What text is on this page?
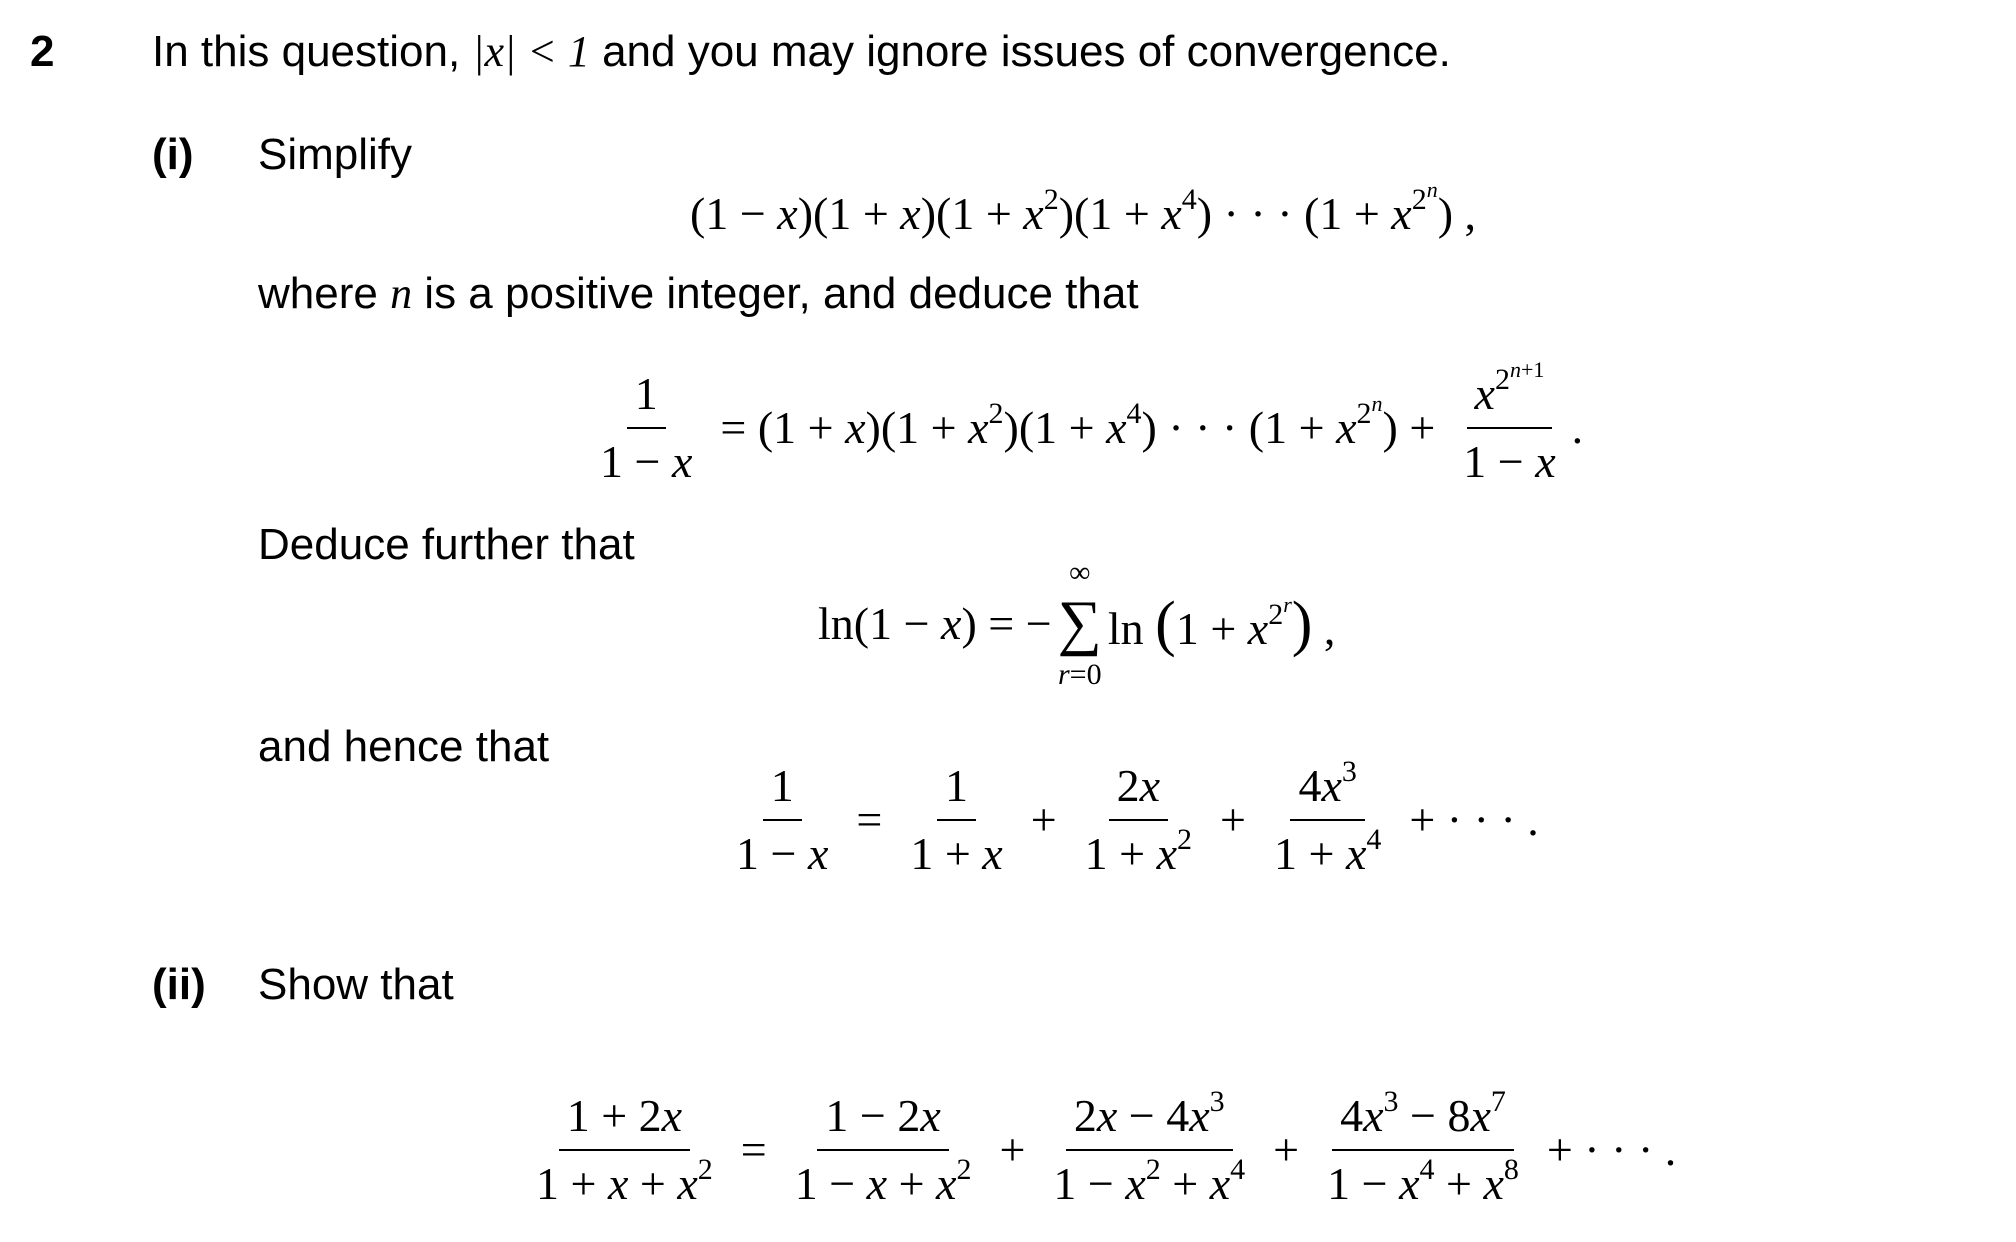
2 In this question, |x| < 1 and you may ignore issues of convergence.
(i) Simplify
$(1 - x)(1 + x)(1 + x^2)(1 + x^4)$ · · · $(1 + x^{2^n})$ ,
where n is a positive integer, and deduce that
$\frac{1}{1 - x} = (1 + x)(1 + x^2)(1 + x^4)$ · · · $(1 + x^{2^n}) + \frac{x^{2^{n+1}}}{1 - x}$ .
Deduce further that
ln(1 − x) = −
∞
∑
r=0
$\ln (1 + x^{2^r})$ ,
and hence that
$\frac{1}{1 - x} = \frac{1}{1 + x} + \frac{2x}{1 + x^2} + \frac{4x^3}{1 + x^4}$ + · · · .
(ii) Show that
$\frac{1 + 2x}{1 + x + x^2} = \frac{1 - 2x}{1 - x + x^2} + \frac{2x - 4x^3}{1 - x^2 + x^4} + \frac{4x^3 - 8x^7}{1 - x^4 + x^8}$ + · · · .
